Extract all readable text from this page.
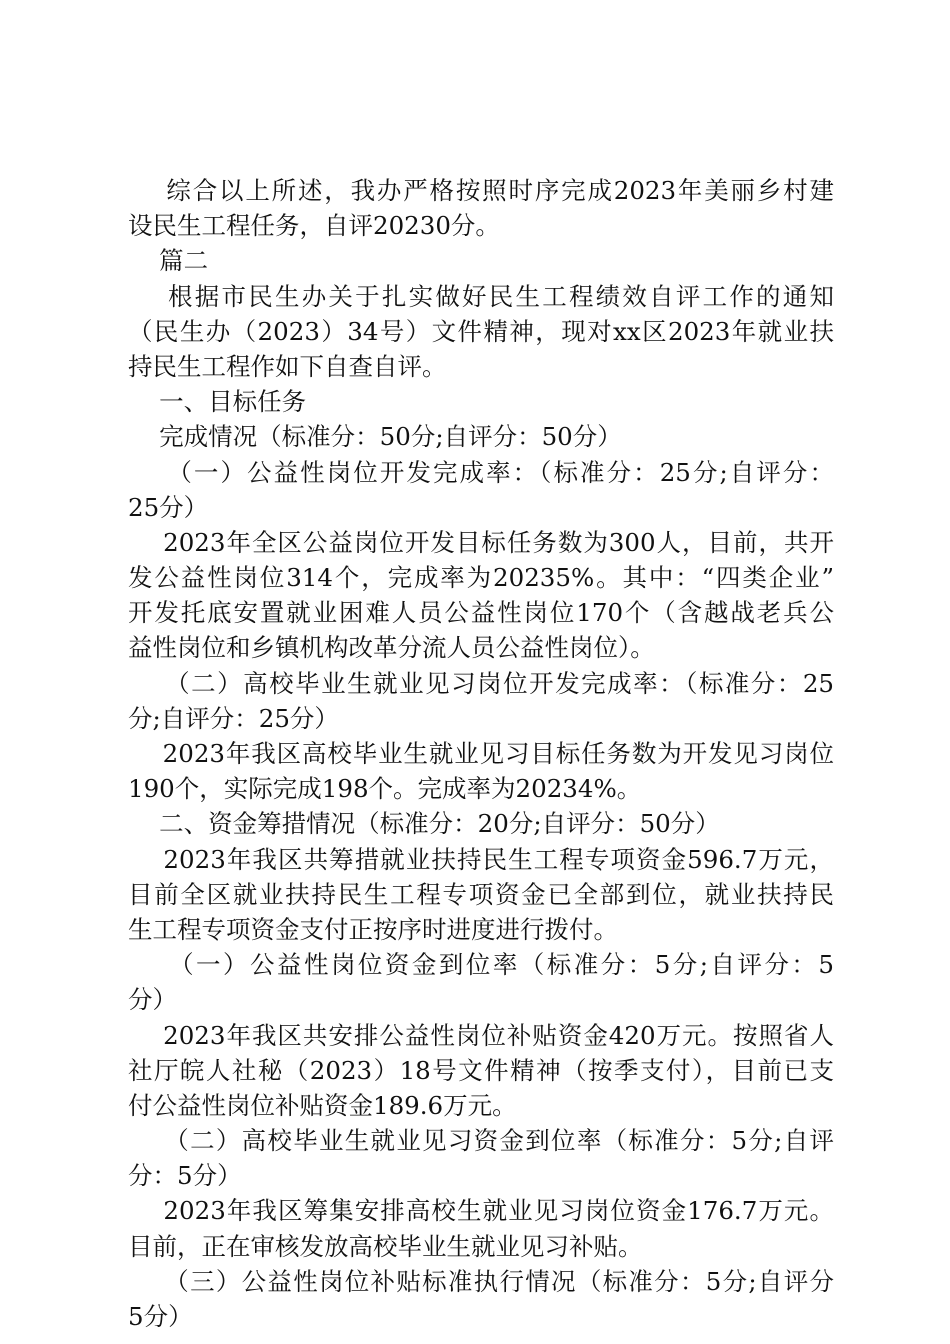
综合以上所述，我办严格按照时序完成2023年美丽乡村建
设民生工程任务，自评20230分。
篇二
根据市民生办关于扎实做好民生工程绩效自评工作的通知
（民生办（2023）34号）文件精神，现对xx区2023年就业扶
持民生工程作如下自查自评。
一、目标任务
完成情况（标准分：50分;自评分：50分）
（一）公益性岗位开发完成率：（标准分：25分;自评分：
25分）
2023年全区公益岗位开发目标任务数为300人，目前，共开
发公益性岗位314个，完成率为20235%。其中：“四类企业”
开发托底安置就业困难人员公益性岗位170个（含越战老兵公
益性岗位和乡镇机构改革分流人员公益性岗位）。
（二）高校毕业生就业见习岗位开发完成率：（标准分：25
分;自评分：25分）
2023年我区高校毕业生就业见习目标任务数为开发见习岗位
190个，实际完成198个。完成率为20234%。
二、资金筹措情况（标准分：20分;自评分：50分）
2023年我区共筹措就业扶持民生工程专项资金596.7万元，
目前全区就业扶持民生工程专项资金已全部到位，就业扶持民
生工程专项资金支付正按序时进度进行拨付。
（一）公益性岗位资金到位率（标准分：5分;自评分：5
分）
2023年我区共安排公益性岗位补贴资金420万元。按照省人
社厅皖人社秘（2023）18号文件精神（按季支付），目前已支
付公益性岗位补贴资金189.6万元。
（二）高校毕业生就业见习资金到位率（标准分：5分;自评
分：5分）
2023年我区筹集安排高校生就业见习岗位资金176.7万元。
目前，正在审核发放高校毕业生就业见习补贴。
（三）公益性岗位补贴标准执行情况（标准分：5分;自评分
5分）
